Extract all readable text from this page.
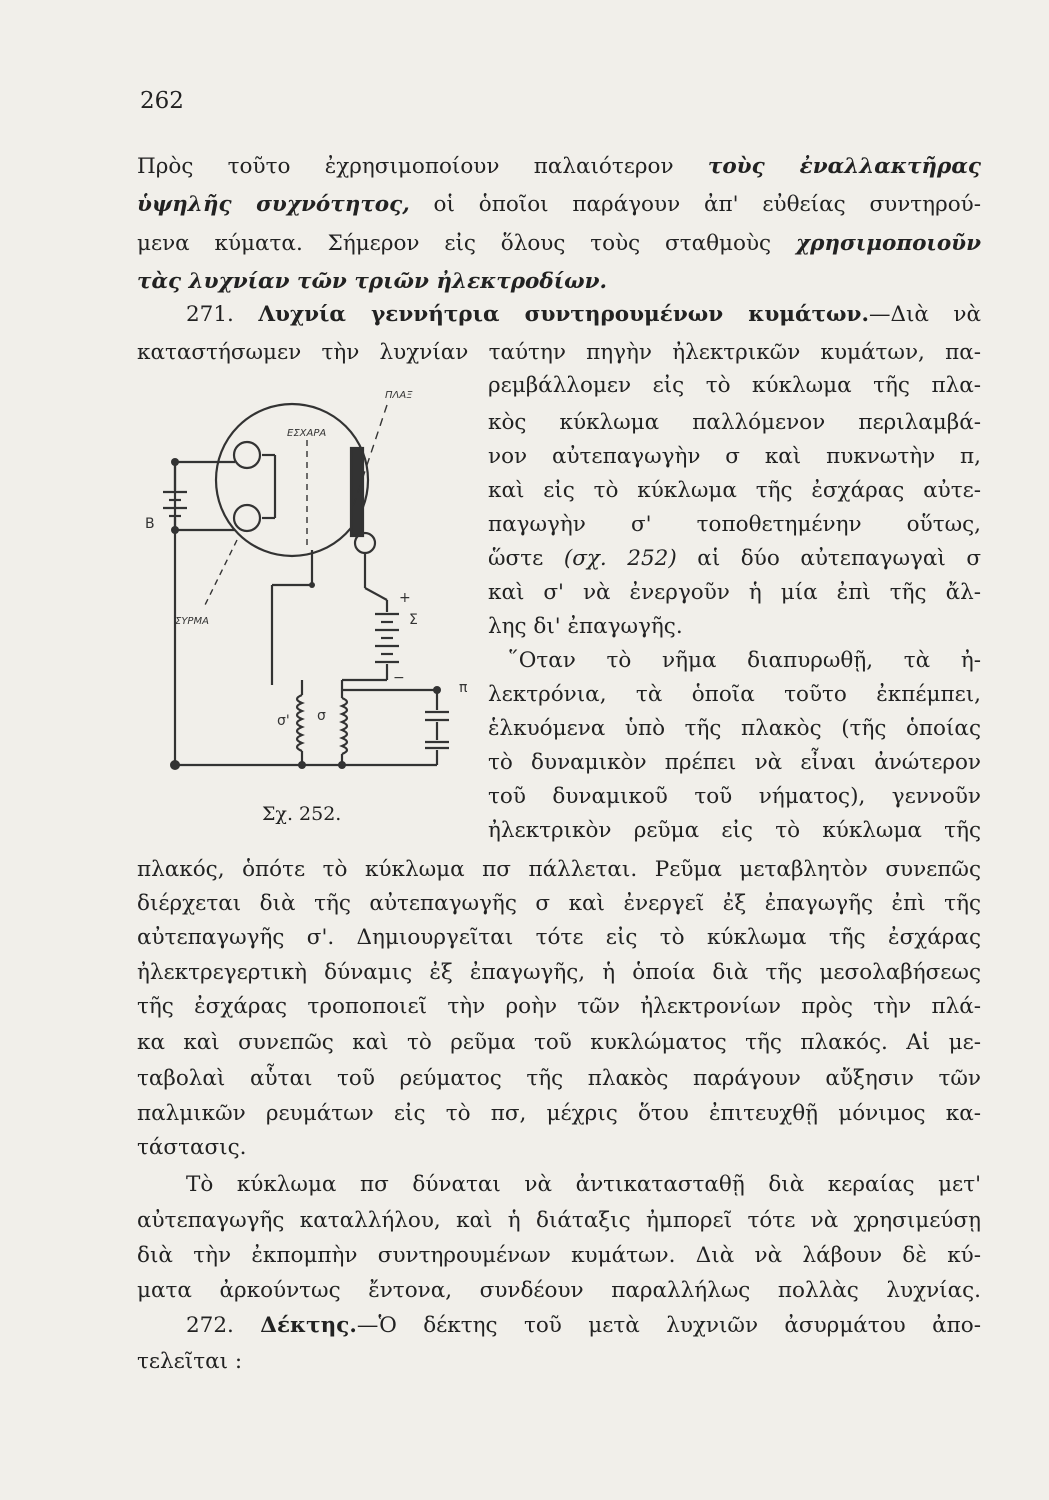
262
Πρὸς τοῦτο ἐχρησιμοποίουν παλαιότερον τοὺς ἐναλλακτῆρας
ὑψηλῆς συχνότητος, οἱ ὁποῖοι παράγουν ἀπ' εὐθείας συντηρού-
μενα κύματα. Σήμερον εἰς ὅλους τοὺς σταθμοὺς χρησιμοποιοῦν
τὰς λυχνίαν τῶν τριῶν ἠλεκτροδίων.
271. Λυχνία γεννήτρια συντηρουμένων κυμάτων.—Διὰ νὰ
καταστήσωμεν τὴν λυχνίαν ταύτην πηγὴν ἠλεκτρικῶν κυμάτων, πα-
ρεμβάλλομεν εἰς τὸ κύκλωμα τῆς πλα-
κὸς κύκλωμα παλλόμενον περιλαμβά-
νον αὐτεπαγωγὴν σ καὶ πυκνωτὴν π,
καὶ εἰς τὸ κύκλωμα τῆς ἐσχάρας αὐτε-
παγωγὴν σ' τοποθετημένην οὕτως,
ὥστε (σχ. 252) αἱ δύο αὐτεπαγωγαὶ σ
καὶ σ' νὰ ἐνεργοῦν ἡ μία ἐπὶ τῆς ἄλ-
λης δι' ἐπαγωγῆς.
῞Οταν τὸ νῆμα διαπυρωθῇ, τὰ ἠ-
λεκτρόνια, τὰ ὁποῖα τοῦτο ἐκπέμπει,
ἑλκυόμενα ὑπὸ τῆς πλακὸς (τῆς ὁποίας
τὸ δυναμικὸν πρέπει νὰ εἶναι ἀνώτερον
τοῦ δυναμικοῦ τοῦ νήματος), γεννοῦν
ἠλεκτρικὸν ρεῦμα εἰς τὸ κύκλωμα τῆς
πλακός, ὁπότε τὸ κύκλωμα πσ πάλλεται. Ρεῦμα μεταβλητὸν συνεπῶς
διέρχεται διὰ τῆς αὐτεπαγωγῆς σ καὶ ἐνεργεῖ ἐξ ἐπαγωγῆς ἐπὶ τῆς
αὐτεπαγωγῆς σ'. Δημιουργεῖται τότε εἰς τὸ κύκλωμα τῆς ἐσχάρας
ἠλεκτρεγερτικὴ δύναμις ἐξ ἐπαγωγῆς, ἡ ὁποία διὰ τῆς μεσολαβήσεως
τῆς ἐσχάρας τροποποιεῖ τὴν ροὴν τῶν ἠλεκτρονίων πρὸς τὴν πλά-
κα καὶ συνεπῶς καὶ τὸ ρεῦμα τοῦ κυκλώματος τῆς πλακός. Αἱ με-
ταβολαὶ αὗται τοῦ ρεύματος τῆς πλακὸς παράγουν αὔξησιν τῶν
παλμικῶν ρευμάτων εἰς τὸ πσ, μέχρις ὅτου ἐπιτευχθῇ μόνιμος κα-
τάστασις.
Τὸ κύκλωμα πσ δύναται νὰ ἀντικατασταθῇ διὰ κεραίας μετ'
αὐτεπαγωγῆς καταλλήλου, καὶ ἡ διάταξις ἠμπορεῖ τότε νὰ χρησιμεύσῃ
διὰ τὴν ἐκπομπὴν συντηρουμένων κυμάτων. Διὰ νὰ λάβουν δὲ κύ-
ματα ἀρκούντως ἔντονα, συνδέουν παραλλήλως πολλὰς λυχνίας.
272. Δέκτης.—Ὁ δέκτης τοῦ μετὰ λυχνιῶν ἀσυρμάτου ἀπο-
τελεῖται :
ΠΛΑΞ
ΕΣΧΑΡΑ
ΣΥΡΜΑ
B
Σ
π
σ
σ'
+
−
Σχ. 252.
